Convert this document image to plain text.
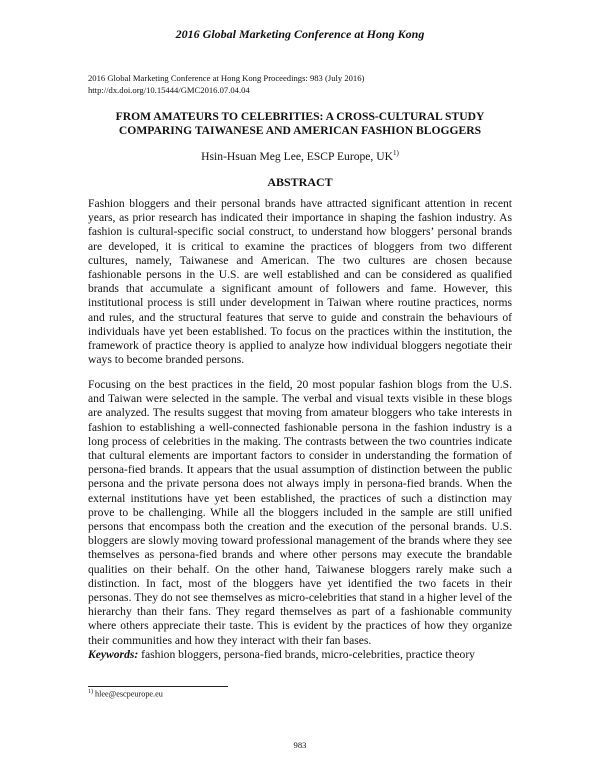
2016 Global Marketing Conference at Hong Kong
2016 Global Marketing Conference at Hong Kong Proceedings: 983 (July 2016)
http://dx.doi.org/10.15444/GMC2016.07.04.04
FROM AMATEURS TO CELEBRITIES: A CROSS-CULTURAL STUDY
COMPARING TAIWANESE AND AMERICAN FASHION BLOGGERS
Hsin-Hsuan Meg Lee, ESCP Europe, UK$^{1)}$
ABSTRACT

Fashion bloggers and their personal brands have attracted significant attention in recent years, as prior research has indicated their importance in shaping the fashion industry. As fashion is cultural-specific social construct, to understand how bloggers’ personal brands are developed, it is critical to examine the practices of bloggers from two different cultures, namely, Taiwanese and American. The two cultures are chosen because fashionable persons in the U.S. are well established and can be considered as qualified brands that accumulate a significant amount of followers and fame. However, this institutional process is still under development in Taiwan where routine practices, norms and rules, and the structural features that serve to guide and constrain the behaviours of individuals have yet been established. To focus on the practices within the institution, the framework of practice theory is applied to analyze how individual bloggers negotiate their ways to become branded persons.

Focusing on the best practices in the field, 20 most popular fashion blogs from the U.S. and Taiwan were selected in the sample. The verbal and visual texts visible in these blogs are analyzed. The results suggest that moving from amateur bloggers who take interests in fashion to establishing a well-connected fashionable persona in the fashion industry is a long process of celebrities in the making. The contrasts between the two countries indicate that cultural elements are important factors to consider in understanding the formation of persona-fied brands. It appears that the usual assumption of distinction between the public persona and the private persona does not always imply in persona-fied brands. When the external institutions have yet been established, the practices of such a distinction may prove to be challenging. While all the bloggers included in the sample are still unified persons that encompass both the creation and the execution of the personal brands. U.S. bloggers are slowly moving toward professional management of the brands where they see themselves as persona-fied brands and where other persons may execute the brandable qualities on their behalf. On the other hand, Taiwanese bloggers rarely make such a distinction. In fact, most of the bloggers have yet identified the two facets in their personas. They do not see themselves as micro-celebrities that stand in a higher level of the hierarchy than their fans. They regard themselves as part of a fashionable community where others appreciate their taste. This is evident by the practices of how they organize their communities and how they interact with their fan bases.

Keywords: fashion bloggers, persona-fied brands, micro-celebrities, practice theory
$^{1)}$ hlee@escpeurope.eu
983
